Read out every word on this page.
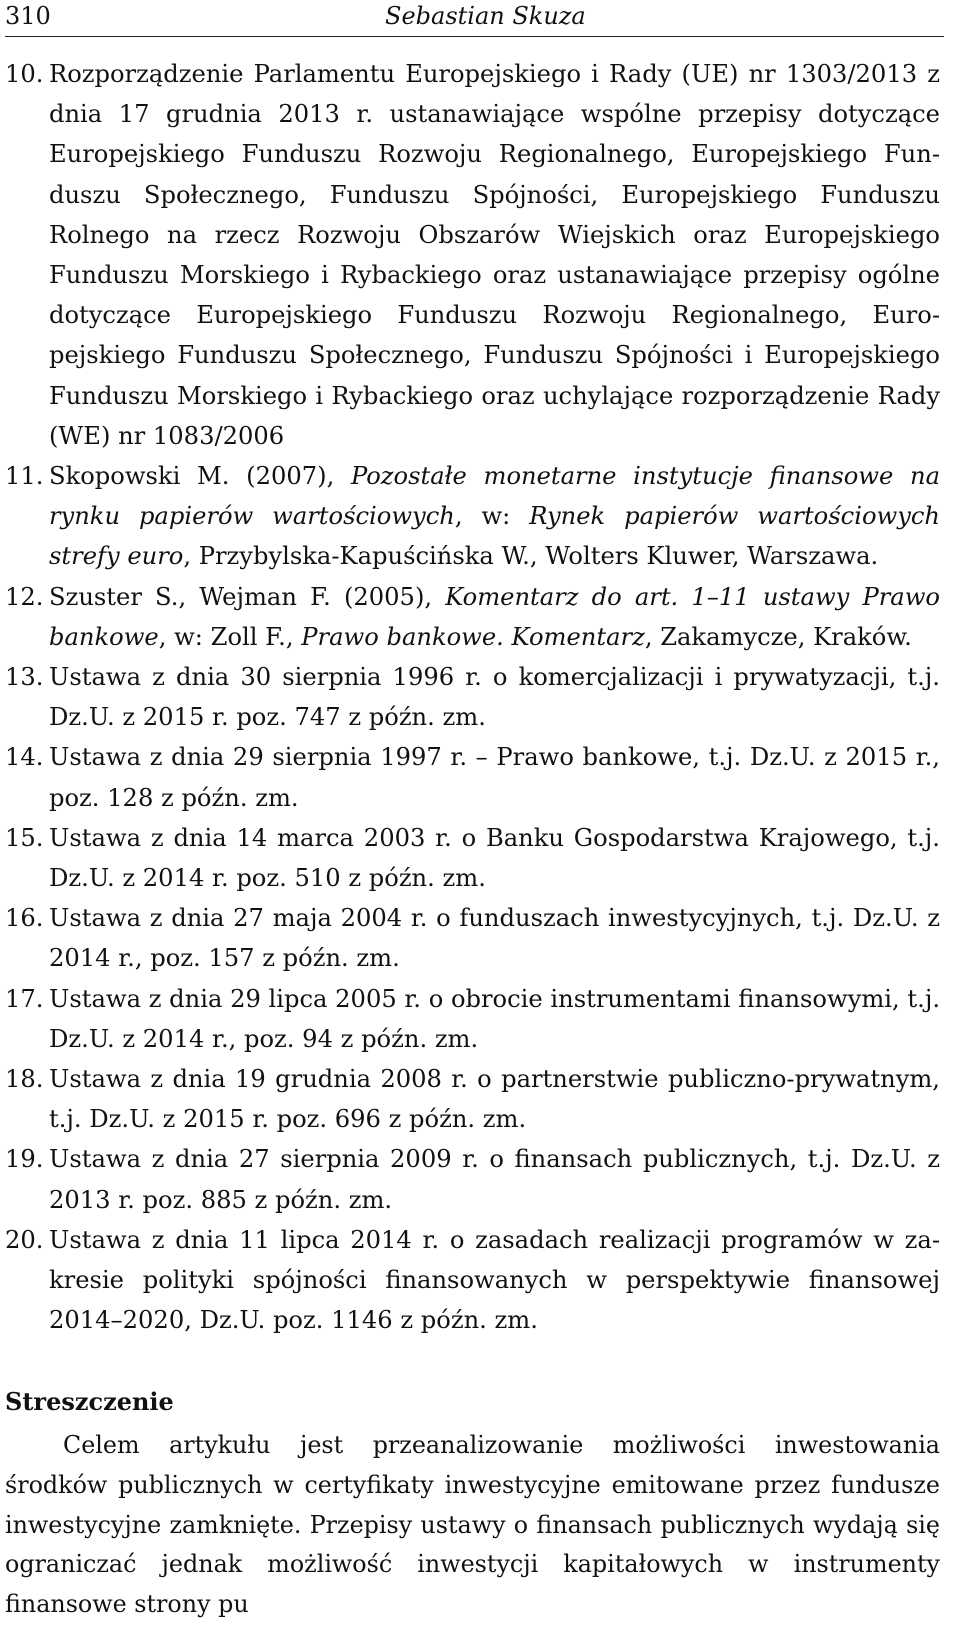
310	Sebastian Skuza
10. Rozporządzenie Parlamentu Europejskiego i Rady (UE) nr 1303/2013 z dnia 17 grudnia 2013 r. ustanawiające wspólne przepisy dotyczące Europejskiego Funduszu Rozwoju Regionalnego, Europejskiego Funduszu Społecznego, Funduszu Spójności, Europejskiego Funduszu Rolnego na rzecz Rozwoju Obszarów Wiejskich oraz Europejskiego Funduszu Morskiego i Rybackiego oraz ustanawiające przepisy ogólne dotyczące Europejskiego Funduszu Rozwoju Regionalnego, Europejskiego Funduszu Społecznego, Funduszu Spójności i Europejskiego Funduszu Morskiego i Rybackiego oraz uchylające rozporządzenie Rady (WE) nr 1083/2006
11. Skopowski M. (2007), Pozostałe monetarne instytucje finansowe na rynku papierów wartościowych, w: Rynek papierów wartościowych strefy euro, Przybylska-Kapuścińska W., Wolters Kluwer, Warszawa.
12. Szuster S., Wejman F. (2005), Komentarz do art. 1–11 ustawy Prawo bankowe, w: Zoll F., Prawo bankowe. Komentarz, Zakamycze, Kraków.
13. Ustawa z dnia 30 sierpnia 1996 r. o komercjalizacji i prywatyzacji, t.j. Dz.U. z 2015 r. poz. 747 z późn. zm.
14. Ustawa z dnia 29 sierpnia 1997 r. – Prawo bankowe, t.j. Dz.U. z 2015 r., poz. 128 z późn. zm.
15. Ustawa z dnia 14 marca 2003 r. o Banku Gospodarstwa Krajowego, t.j. Dz.U. z 2014 r. poz. 510 z późn. zm.
16. Ustawa z dnia 27 maja 2004 r. o funduszach inwestycyjnych, t.j. Dz.U. z 2014 r., poz. 157 z późn. zm.
17. Ustawa z dnia 29 lipca 2005 r. o obrocie instrumentami finansowymi, t.j. Dz.U. z 2014 r., poz. 94 z późn. zm.
18. Ustawa z dnia 19 grudnia 2008 r. o partnerstwie publiczno-prywatnym, t.j. Dz.U. z 2015 r. poz. 696 z późn. zm.
19. Ustawa z dnia 27 sierpnia 2009 r. o finansach publicznych, t.j. Dz.U. z 2013 r. poz. 885 z późn. zm.
20. Ustawa z dnia 11 lipca 2014 r. o zasadach realizacji programów w zakresie polityki spójności finansowanych w perspektywie finansowej 2014–2020, Dz.U. poz. 1146 z późn. zm.
Streszczenie

Celem artykułu jest przeanalizowanie możliwości inwestowania środków publicznych w certyfikaty inwestycyjne emitowane przez fundusze inwestycyjne zamknięte. Przepisy ustawy o finansach publicznych wydają się ograniczać jednak możliwość inwestycji kapitałowych w instrumenty finansowe strony pu
